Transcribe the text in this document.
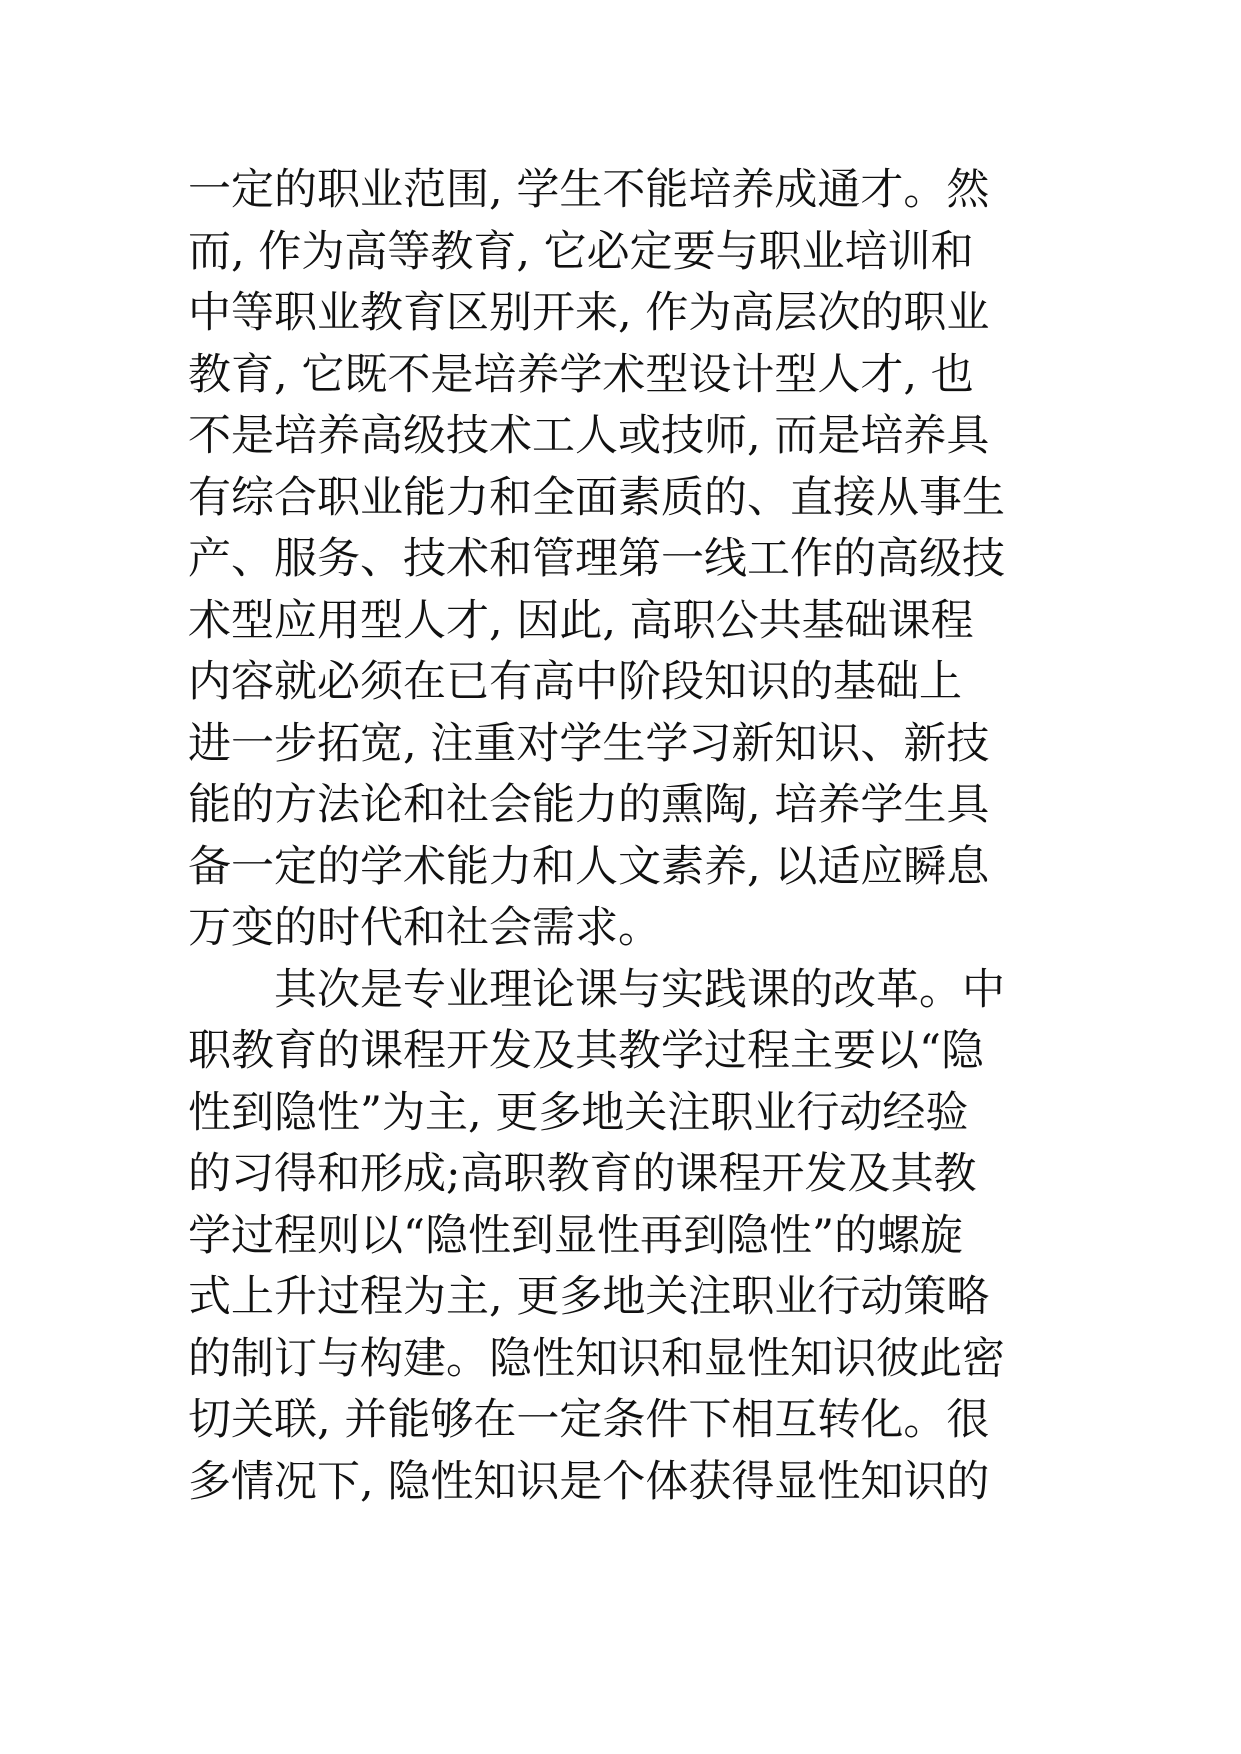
一定的职业范围, 学生不能培养成通才。然
而, 作为高等教育, 它必定要与职业培训和
中等职业教育区别开来, 作为高层次的职业
教育, 它既不是培养学术型设计型人才, 也
不是培养高级技术工人或技师, 而是培养具
有综合职业能力和全面素质的、直接从事生
产、服务、技术和管理第一线工作的高级技
术型应用型人才, 因此, 高职公共基础课程
内容就必须在已有高中阶段知识的基础上
进一步拓宽, 注重对学生学习新知识、新技
能的方法论和社会能力的熏陶, 培养学生具
备一定的学术能力和人文素养, 以适应瞬息
万变的时代和社会需求。
其次是专业理论课与实践课的改革。中
职教育的课程开发及其教学过程主要以“隐
性到隐性”为主, 更多地关注职业行动经验
的习得和形成;高职教育的课程开发及其教
学过程则以“隐性到显性再到隐性”的螺旋
式上升过程为主, 更多地关注职业行动策略
的制订与构建。隐性知识和显性知识彼此密
切关联, 并能够在一定条件下相互转化。很
多情况下, 隐性知识是个体获得显性知识的
